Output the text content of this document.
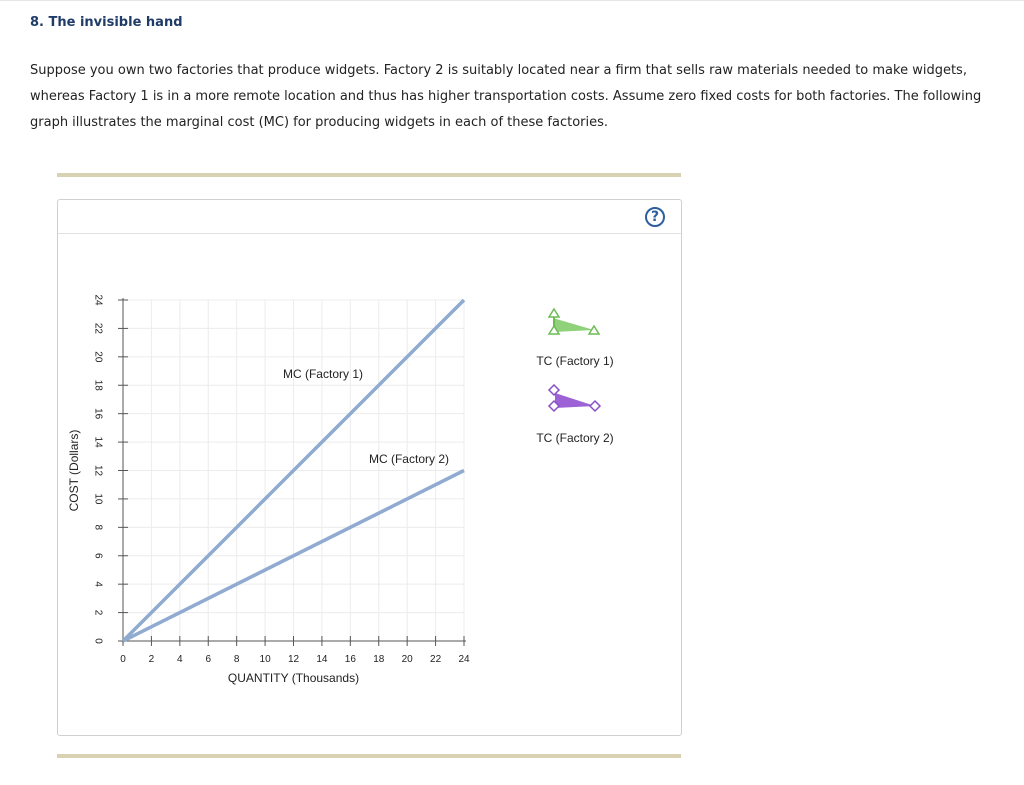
8. The invisible hand

Suppose you own two factories that produce widgets. Factory 2 is suitably located near a firm that sells raw materials needed to make widgets, whereas Factory 1 is in a more remote location and thus has higher transportation costs. Assume zero fixed costs for both factories. The following graph illustrates the marginal cost (MC) for producing widgets in each of these factories.

?
0 2 4 6 8 10 12 14 16 18 20 22 24
0
2
4
6
8
10
12
14
16
18
20
22
24
MC (Factory 1)
MC (Factory 2)
TC (Factory 1)
TC (Factory 2)
QUANTITY (Thousands)
COST (Dollars)
